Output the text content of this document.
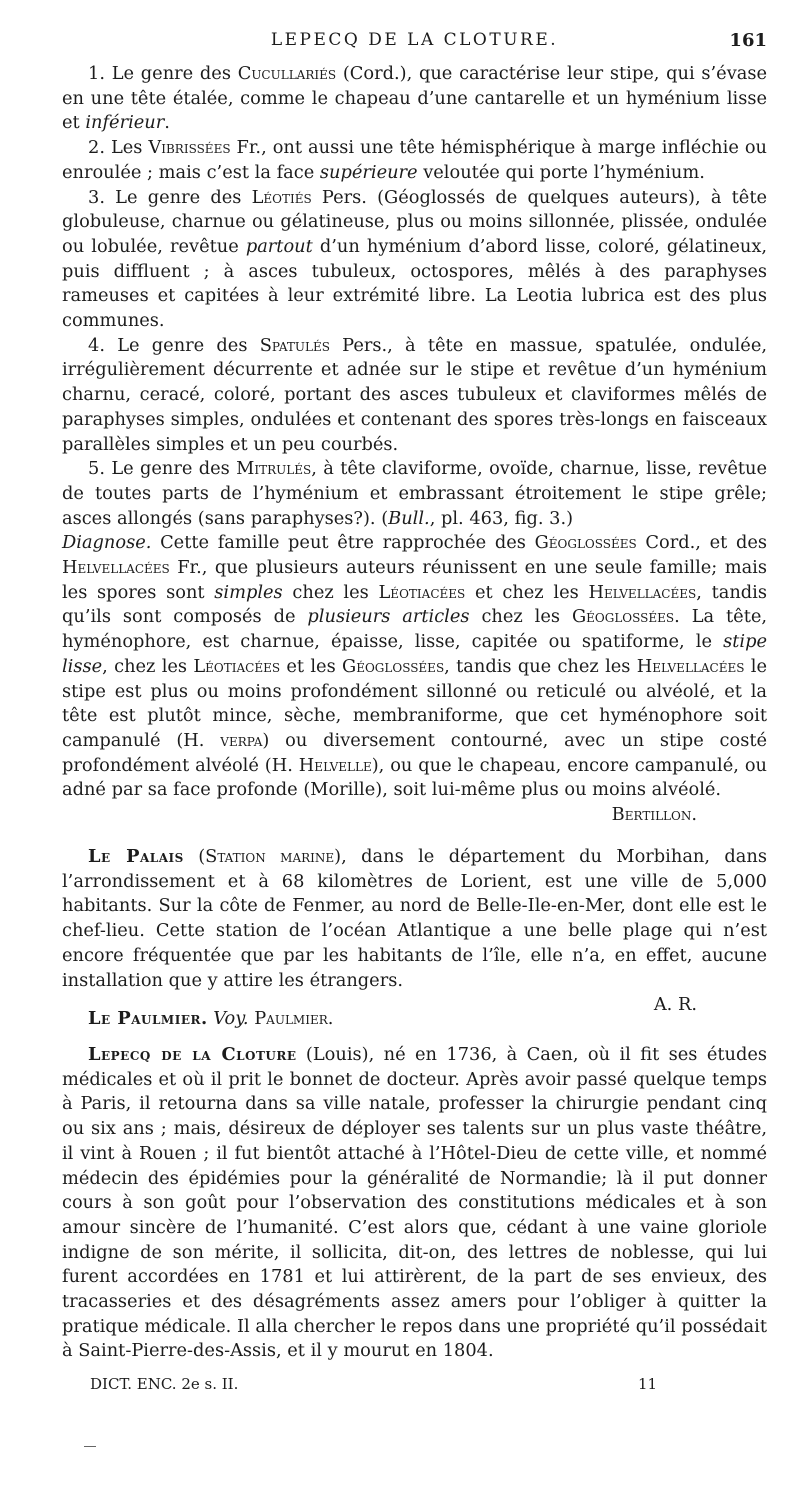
LEPECQ DE LA CLOTURE.	161

1. Le genre des Cucullariés (Cord.), que caractérise leur stipe, qui s’évase en une tête étalée, comme le chapeau d’une cantarelle et un hyménium lisse et inférieur.

2. Les Vibrissées Fr., ont aussi une tête hémisphérique à marge infléchie ou enroulée ; mais c’est la face supérieure veloutée qui porte l’hyménium.

3. Le genre des Léotiés Pers. (Géoglossés de quelques auteurs), à tête globuleuse, charnue ou gélatineuse, plus ou moins sillonnée, plissée, ondulée ou lobulée, revêtue partout d’un hyménium d’abord lisse, coloré, gélatineux, puis diffluent ; à asces tubuleux, octospores, mêlés à des paraphyses rameuses et capitées à leur extrémité libre. La Leotia lubrica est des plus communes.

4. Le genre des Spatulés Pers., à tête en massue, spatulée, ondulée, irrégulièrement décurrente et adnée sur le stipe et revêtue d’un hyménium charnu, ceracé, coloré, portant des asces tubuleux et claviformes mêlés de paraphyses simples, ondulées et contenant des spores très-longs en faisceaux parallèles simples et un peu courbés.

5. Le genre des Mitrulés, à tête claviforme, ovoïde, charnue, lisse, revêtue de toutes parts de l’hyménium et embrassant étroitement le stipe grêle; asces allongés (sans paraphyses?). (Bull., pl. 463, fig. 3.)

Diagnose. Cette famille peut être rapprochée des Géoglossées Cord., et des Helvellacées Fr., que plusieurs auteurs réunissent en une seule famille; mais les spores sont simples chez les Léotiacées et chez les Helvellacées, tandis qu’ils sont composés de plusieurs articles chez les Géoglossées. La tête, hyménophore, est charnue, épaisse, lisse, capitée ou spatiforme, le stipe lisse, chez les Léotiacées et les Géoglossées, tandis que chez les Helvellacées le stipe est plus ou moins profondément sillonné ou reticulé ou alvéolé, et la tête est plutôt mince, sèche, membraniforme, que cet hyménophore soit campanulé (H. verpa) ou diversement contourné, avec un stipe costé profondément alvéolé (H. Helvelle), ou que le chapeau, encore campanulé, ou adné par sa face profonde (Morille), soit lui-même plus ou moins alvéolé.

Bertillon.

Le Palais (Station marine), dans le département du Morbihan, dans l’arrondissement et à 68 kilomètres de Lorient, est une ville de 5,000 habitants. Sur la côte de Fenmer, au nord de Belle-Ile-en-Mer, dont elle est le chef-lieu. Cette station de l’océan Atlantique a une belle plage qui n’est encore fréquentée que par les habitants de l’île, elle n’a, en effet, aucune installation que y attire les étrangers.

A. R.

Le Paulmier. Voy. Paulmier.

Lepecq de la Cloture (Louis), né en 1736, à Caen, où il fit ses études médicales et où il prit le bonnet de docteur. Après avoir passé quelque temps à Paris, il retourna dans sa ville natale, professer la chirurgie pendant cinq ou six ans ; mais, désireux de déployer ses talents sur un plus vaste théâtre, il vint à Rouen ; il fut bientôt attaché à l’Hôtel-Dieu de cette ville, et nommé médecin des épidémies pour la généralité de Normandie; là il put donner cours à son goût pour l’observation des constitutions médicales et à son amour sincère de l’humanité. C’est alors que, cédant à une vaine gloriole indigne de son mérite, il sollicita, dit-on, des lettres de noblesse, qui lui furent accordées en 1781 et lui attirèrent, de la part de ses envieux, des tracasseries et des désagréments assez amers pour l’obliger à quitter la pratique médicale. Il alla chercher le repos dans une propriété qu’il possédait à Saint-Pierre-des-Assis, et il y mourut en 1804.

DICT. ENC. 2e s. II.	11
